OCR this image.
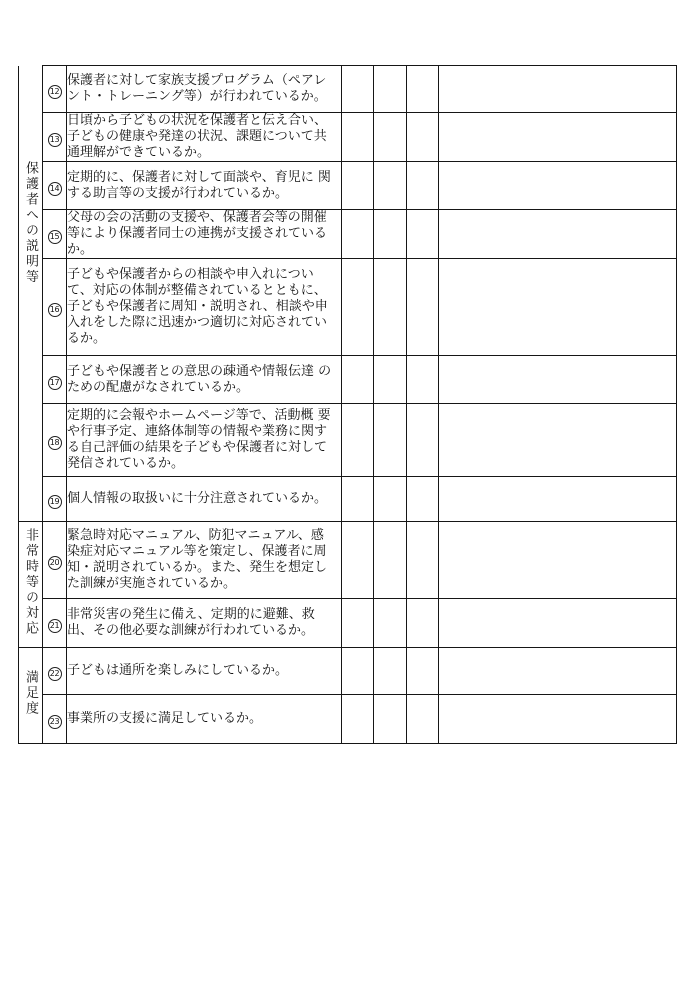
保護者への説明等	12	保護者に対して家族支援プログラム（ペアレ
ント・トレーニング等）が行われているか。				

	13	日頃から子どもの状況を保護者と伝え合い、
子どもの健康や発達の状況、課題について共
通理解ができているか。				

	14	定期的に、保護者に対して面談や、育児に 関
する助言等の支援が行われているか。				

	15	父母の会の活動の支援や、保護者会等の開催
等により保護者同士の連携が支援されている
か。				

	16	子どもや保護者からの相談や申入れについ
て、対応の体制が整備されているとともに、
子どもや保護者に周知・説明され、相談や申
入れをした際に迅速かつ適切に対応されてい
るか。				

	17	子どもや保護者との意思の疎通や情報伝達 の
ための配慮がなされているか。				

	18	定期的に会報やホームページ等で、活動概 要
や行事予定、連絡体制等の情報や業務に関す
る自己評価の結果を子どもや保護者に対して
発信されているか。				

	19	個人情報の取扱いに十分注意されているか。				

非常時等の対応	20	緊急時対応マニュアル、防犯マニュアル、感
染症対応マニュアル等を策定し、保護者に周
知・説明されているか。また、発生を想定し
た訓練が実施されているか。				

	21	非常災害の発生に備え、定期的に避難、救
出、その他必要な訓練が行われているか。				

満足度	22	子どもは通所を楽しみにしているか。				

	23	事業所の支援に満足しているか。				
